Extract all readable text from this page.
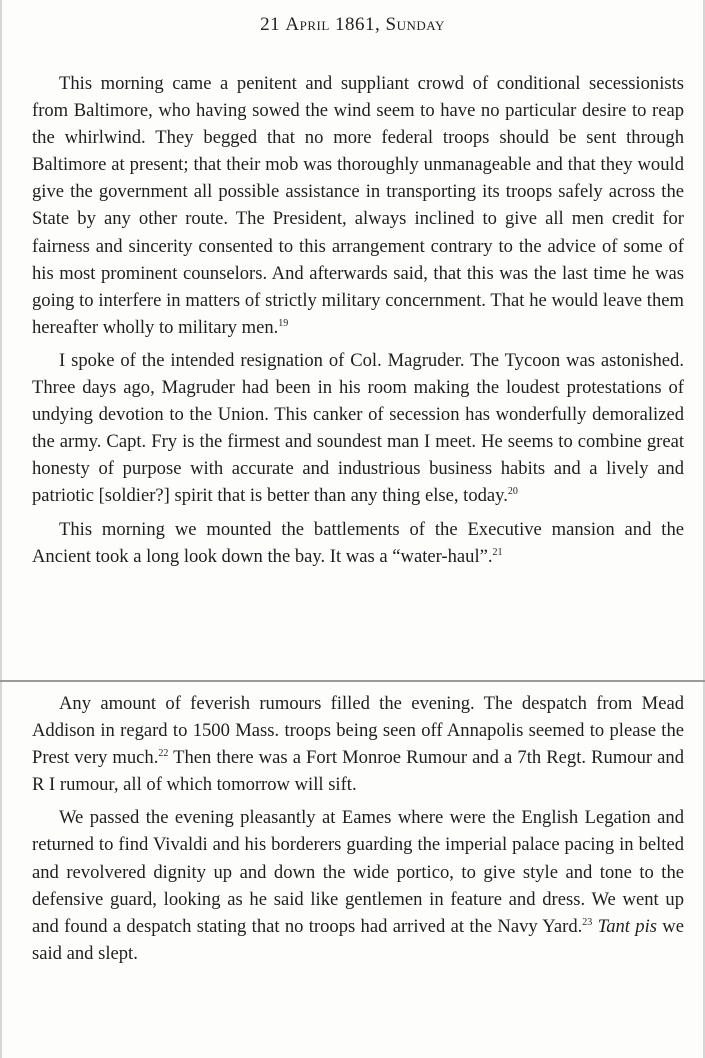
21 April 1861, Sunday

This morning came a penitent and suppliant crowd of conditional secessionists from Baltimore, who having sowed the wind seem to have no particular desire to reap the whirlwind. They begged that no more federal troops should be sent through Baltimore at present; that their mob was thoroughly unmanageable and that they would give the government all possible assistance in transporting its troops safely across the State by any other route. The President, always inclined to give all men credit for fairness and sincerity consented to this arrangement contrary to the advice of some of his most prominent counselors. And afterwards said, that this was the last time he was going to interfere in matters of strictly military concernment. That he would leave them hereafter wholly to military men.$^{19}$

I spoke of the intended resignation of Col. Magruder. The Tycoon was astonished. Three days ago, Magruder had been in his room making the loudest protestations of undying devotion to the Union. This canker of secession has wonderfully demoralized the army. Capt. Fry is the firmest and soundest man I meet. He seems to combine great honesty of purpose with accurate and industrious business habits and a lively and patriotic [soldier?] spirit that is better than any thing else, today.$^{20}$

This morning we mounted the battlements of the Executive mansion and the Ancient took a long look down the bay. It was a “water-haul”.$^{21}$

Any amount of feverish rumours filled the evening. The despatch from Mead Addison in regard to 1500 Mass. troops being seen off Annapolis seemed to please the Prest very much.$^{22}$ Then there was a Fort Monroe Rumour and a 7th Regt. Rumour and R I rumour, all of which tomorrow will sift.

We passed the evening pleasantly at Eames where were the English Legation and returned to find Vivaldi and his borderers guarding the imperial palace pacing in belted and revolvered dignity up and down the wide portico, to give style and tone to the defensive guard, looking as he said like gentlemen in feature and dress. We went up and found a despatch stating that no troops had arrived at the Navy Yard.$^{23}$ Tant pis we said and slept.
